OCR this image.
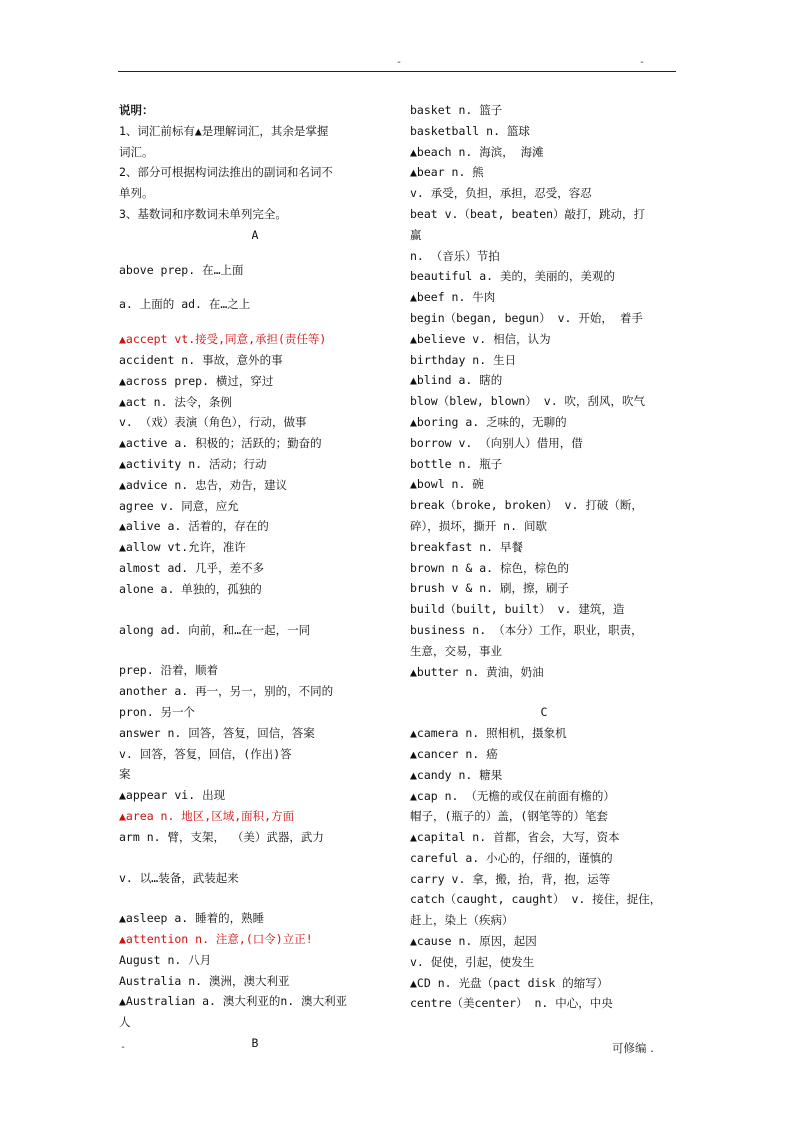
-	-
说明：
1、词汇前标有▲是理解词汇，其余是掌握
词汇。
2、部分可根据构词法推出的副词和名词不
单列。
3、基数词和序数词未单列完全。
A
above prep. 在…上面
a. 上面的 ad. 在…之上
▲accept vt.接受,同意,承担(责任等)
accident n. 事故，意外的事
▲across prep. 横过，穿过
▲act n. 法令，条例
v. （戏）表演（角色），行动，做事
▲active a. 积极的；活跃的；勤奋的
▲activity n. 活动；行动
▲advice n. 忠告，劝告，建议
agree v. 同意，应允
▲alive a. 活着的，存在的
▲allow vt.允许，准许
almost ad. 几乎，差不多
alone a. 单独的，孤独的
along ad. 向前，和…在一起，一同
prep. 沿着，顺着
another a. 再一，另一，别的，不同的
pron. 另一个
answer n. 回答，答复，回信，答案
v. 回答，答复，回信，(作出)答
案
▲appear vi. 出现
▲area n. 地区,区域,面积,方面
arm n. 臂，支架， （美）武器，武力
v. 以…装备，武装起来
▲asleep a. 睡着的，熟睡
▲attention n. 注意,(口令)立正!
August n. 八月
Australia n. 澳洲，澳大利亚
▲Australian a. 澳大利亚的n. 澳大利亚
人
B
basket n. 篮子
basketball n. 篮球
▲beach n. 海滨， 海滩
▲bear n. 熊
v. 承受，负担，承担，忍受，容忍
beat v.（beat, beaten）敲打，跳动，打
赢
n. （音乐）节拍
beautiful a. 美的，美丽的，美观的
▲beef n. 牛肉
begin（began, begun） v. 开始， 着手
▲believe v. 相信，认为
birthday n. 生日
▲blind a. 瞎的
blow（blew, blown） v. 吹，刮风，吹气
▲boring a. 乏味的，无聊的
borrow v. （向别人）借用，借
bottle n. 瓶子
▲bowl n. 碗
break（broke, broken） v. 打破（断，
碎），损坏，撕开 n. 间歇
breakfast n. 早餐
brown n & a. 棕色，棕色的
brush v & n. 刷，擦，刷子
build（built, built） v. 建筑，造
business n. （本分）工作，职业，职责，
生意，交易，事业
▲butter n. 黄油，奶油
C
▲camera n. 照相机，摄象机
▲cancer n. 癌
▲candy n. 糖果
▲cap n. （无檐的或仅在前面有檐的）
帽子，(瓶子的）盖，(钢笔等的）笔套
▲capital n. 首都，省会，大写，资本
careful a. 小心的，仔细的，谨慎的
carry v. 拿，搬，抬，背，抱，运等
catch（caught, caught） v. 接住，捉住，
赶上，染上（疾病）
▲cause n. 原因，起因
v. 促使，引起，使发生
▲CD n. 光盘（pact disk 的缩写）
centre（美center） n. 中心，中央
-	可修编 .
